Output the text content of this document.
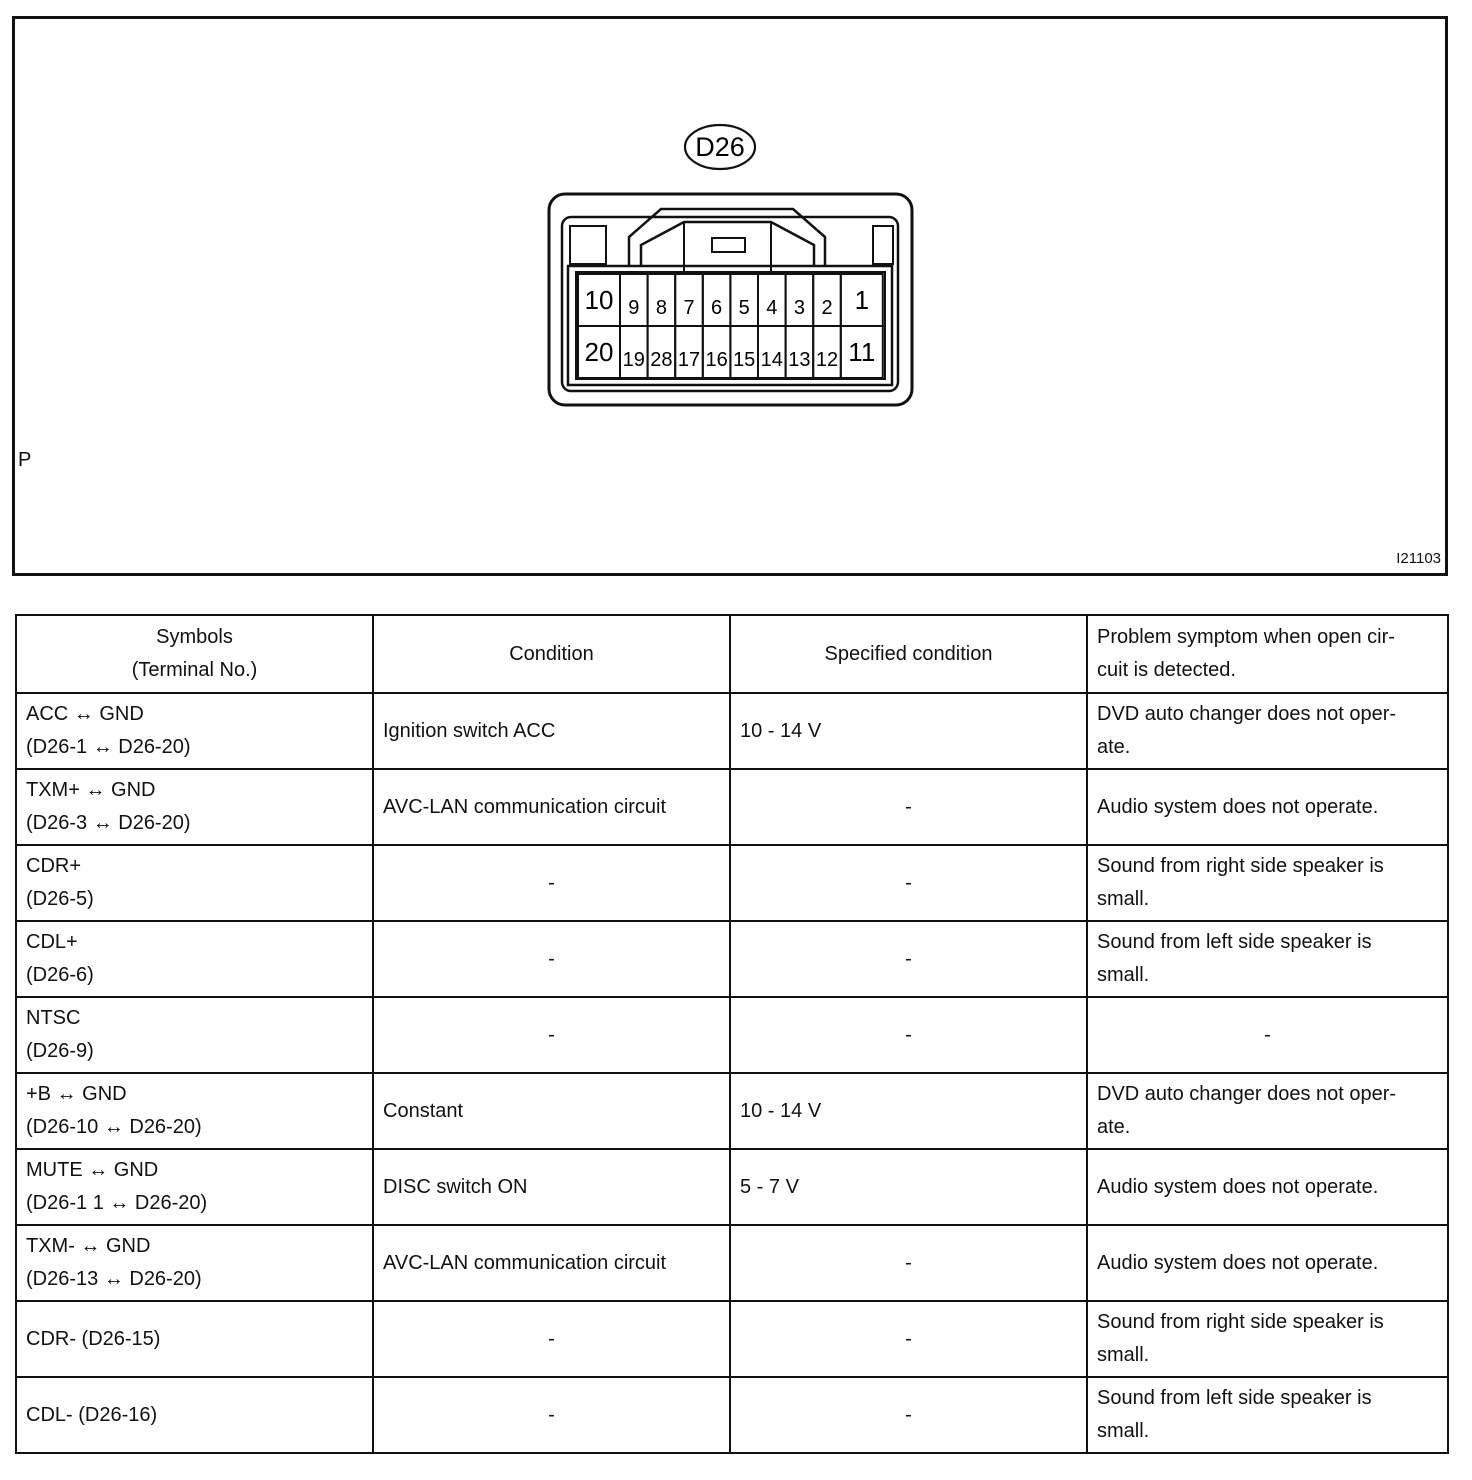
D26
10 9 8 7 6 5 4 3 2 1
20 19 28 17 16 15 14 13 12 11
P
I21103
Symbols
(Terminal No.)	Condition	Specified condition	Problem symptom when open cir-
cuit is detected.

ACC ↔ GND
(D26-1 ↔ D26-20)	Ignition switch ACC	10 - 14 V	DVD auto changer does not oper-
ate.

TXM+ ↔ GND
(D26-3 ↔ D26-20)	AVC-LAN communication circuit	-	Audio system does not operate.

CDR+
(D26-5)	-	-	Sound from right side speaker is
small.

CDL+
(D26-6)	-	-	Sound from left side speaker is
small.

NTSC
(D26-9)	-	-	-

+B ↔ GND
(D26-10 ↔ D26-20)	Constant	10 - 14 V	DVD auto changer does not oper-
ate.

MUTE ↔ GND
(D26-1 1 ↔ D26-20)	DISC switch ON	5 - 7 V	Audio system does not operate.

TXM- ↔ GND
(D26-13 ↔ D26-20)	AVC-LAN communication circuit	-	Audio system does not operate.

CDR- (D26-15)	-	-	Sound from right side speaker is
small.

CDL- (D26-16)	-	-	Sound from left side speaker is
small.
